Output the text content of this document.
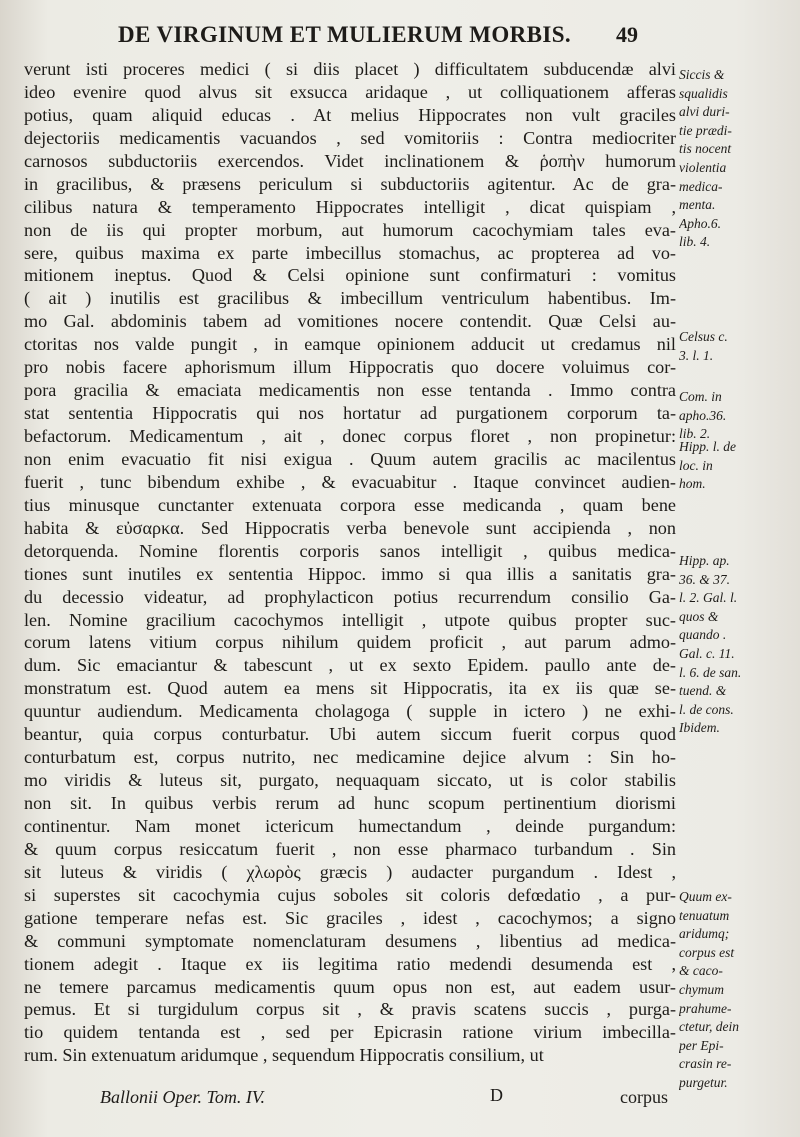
DE VIRGINUM ET MULIERUM MORBIS. 49
verunt isti proceres medici ( si diis placet ) difficultatem subducendæ alvi
ideo evenire quod alvus sit exsucca aridaque , ut colliquationem afferas
potius, quam aliquid educas . At melius Hippocrates non vult graciles
dejectoriis medicamentis vacuandos , sed vomitoriis : Contra mediocriter
carnosos subductoriis exercendos. Videt inclinationem & ῥοπὴν humorum
in gracilibus, & præsens periculum si subductoriis agitentur. Ac de gra-
cilibus natura & temperamento Hippocrates intelligit , dicat quispiam ,
non de iis qui propter morbum, aut humorum cacochymiam tales eva-
sere, quibus maxima ex parte imbecillus stomachus, ac propterea ad vo-
mitionem ineptus. Quod & Celsi opinione sunt confirmaturi : vomitus
( ait ) inutilis est gracilibus & imbecillum ventriculum habentibus. Im-
mo Gal. abdominis tabem ad vomitiones nocere contendit. Quæ Celsi au-
ctoritas nos valde pungit , in eamque opinionem adducit ut credamus nil
pro nobis facere aphorismum illum Hippocratis quo docere voluimus cor-
pora gracilia & emaciata medicamentis non esse tentanda . Immo contra
stat sententia Hippocratis qui nos hortatur ad purgationem corporum ta-
befactorum. Medicamentum , ait , donec corpus floret , non propinetur:
non enim evacuatio fit nisi exigua . Quum autem gracilis ac macilentus
fuerit , tunc bibendum exhibe , & evacuabitur . Itaque convincet audien-
tius minusque cunctanter extenuata corpora esse medicanda , quam bene
habita & εὐσαρκα. Sed Hippocratis verba benevole sunt accipienda , non
detorquenda. Nomine florentis corporis sanos intelligit , quibus medica-
tiones sunt inutiles ex sententia Hippoc. immo si qua illis a sanitatis gra-
du decessio videatur, ad prophylacticon potius recurrendum consilio Ga-
len. Nomine gracilium cacochymos intelligit , utpote quibus propter suc-
corum latens vitium corpus nihilum quidem proficit , aut parum admo-
dum. Sic emaciantur & tabescunt , ut ex sexto Epidem. paullo ante de-
monstratum est. Quod autem ea mens sit Hippocratis, ita ex iis quæ se-
quuntur audiendum. Medicamenta cholagoga ( supple in ictero ) ne exhi-
beantur, quia corpus conturbatur. Ubi autem siccum fuerit corpus quod
conturbatum est, corpus nutrito, nec medicamine dejice alvum : Sin ho-
mo viridis & luteus sit, purgato, nequaquam siccato, ut is color stabilis
non sit. In quibus verbis rerum ad hunc scopum pertinentium diorismi
continentur. Nam monet ictericum humectandum , deinde purgandum:
& quum corpus resiccatum fuerit , non esse pharmaco turbandum . Sin
sit luteus & viridis ( χλωρὸς græcis ) audacter purgandum . Idest ,
si superstes sit cacochymia cujus soboles sit coloris defœdatio , a pur-
gatione temperare nefas est. Sic graciles , idest , cacochymos; a signo
& communi symptomate nomenclaturam desumens , libentius ad medica-
tionem adegit . Itaque ex iis legitima ratio medendi desumenda est ,
ne temere parcamus medicamentis quum opus non est, aut eadem usur-
pemus. Et si turgidulum corpus sit , & pravis scatens succis , purga-
tio quidem tentanda est , sed per Epicrasin ratione virium imbecilla-
rum. Sin extenuatum aridumque , sequendum Hippocratis consilium, ut
Siccis &
squalidis
alvi duri-
tie prædi-
tis nocent
violentia
medica-
menta.
Apho.6.
lib. 4.
Celsus c.
3. l. 1.
Com. in
apho.36.
lib. 2.
Hipp. l. de
loc. in
hom.
Hipp. ap.
36. & 37.
l. 2. Gal. l.
quos &
quando .
Gal. c. 11.
l. 6. de san.
tuend. &
l. de cons.
Ibidem.
Quum ex-
tenuatum
aridumq;
corpus est
& caco-
chymum
prahume-
ctetur, dein
per Epi-
crasin re-
purgetur.
Ballonii Oper. Tom. IV.	D	corpus
